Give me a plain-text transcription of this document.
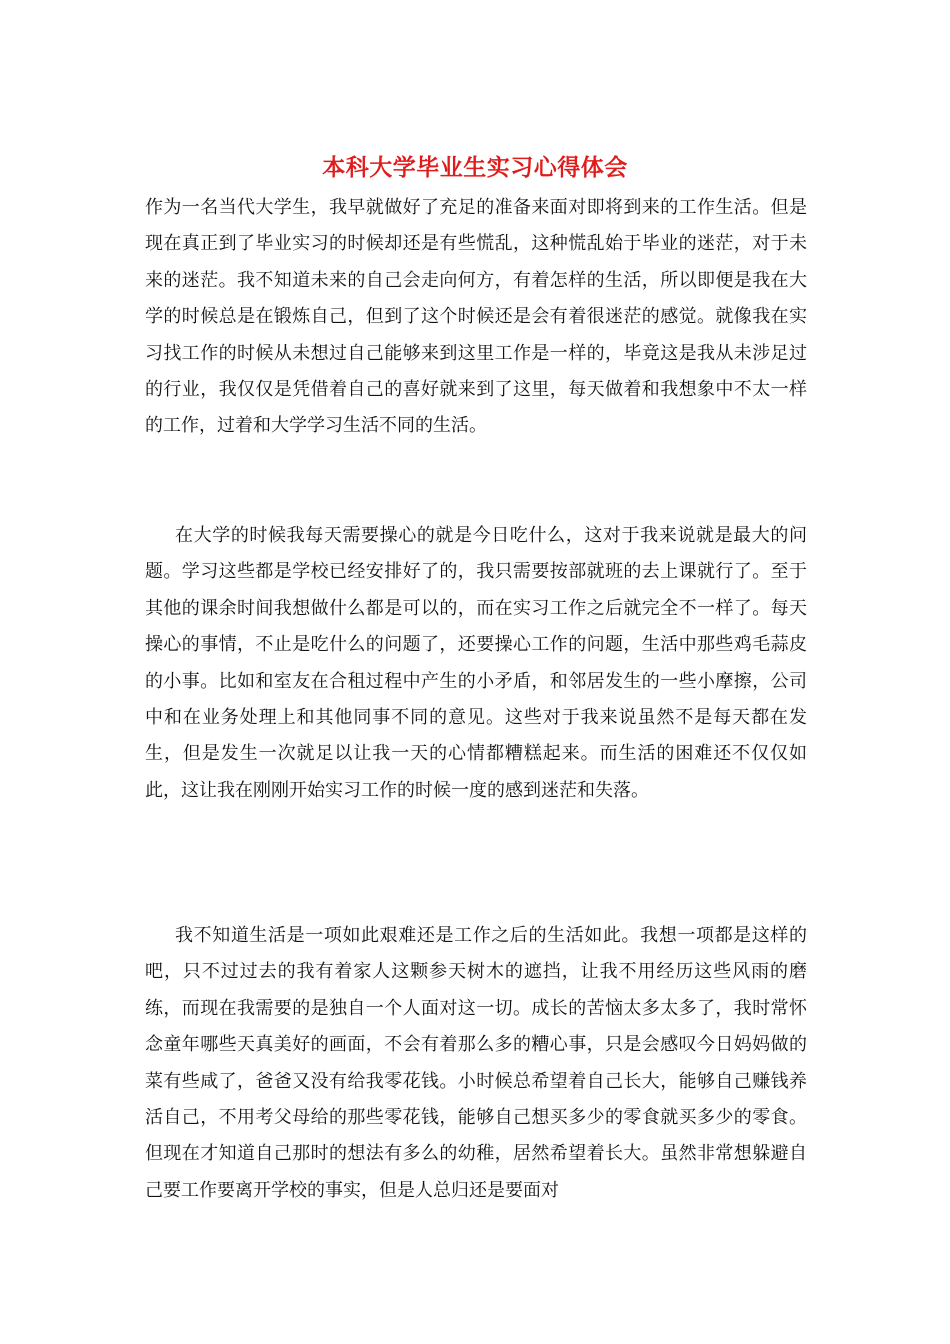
本科大学毕业生实习心得体会

作为一名当代大学生，我早就做好了充足的准备来面对即将到来的工作生活。但是现在真正到了毕业实习的时候却还是有些慌乱，这种慌乱始于毕业的迷茫，对于未来的迷茫。我不知道未来的自己会走向何方，有着怎样的生活，所以即便是我在大学的时候总是在锻炼自己，但到了这个时候还是会有着很迷茫的感觉。就像我在实习找工作的时候从未想过自己能够来到这里工作是一样的，毕竟这是我从未涉足过的行业，我仅仅是凭借着自己的喜好就来到了这里，每天做着和我想象中不太一样的工作，过着和大学学习生活不同的生活。

在大学的时候我每天需要操心的就是今日吃什么，这对于我来说就是最大的问题。学习这些都是学校已经安排好了的，我只需要按部就班的去上课就行了。至于其他的课余时间我想做什么都是可以的，而在实习工作之后就完全不一样了。每天操心的事情，不止是吃什么的问题了，还要操心工作的问题，生活中那些鸡毛蒜皮的小事。比如和室友在合租过程中产生的小矛盾，和邻居发生的一些小摩擦，公司中和在业务处理上和其他同事不同的意见。这些对于我来说虽然不是每天都在发生，但是发生一次就足以让我一天的心情都糟糕起来。而生活的困难还不仅仅如此，这让我在刚刚开始实习工作的时候一度的感到迷茫和失落。

我不知道生活是一项如此艰难还是工作之后的生活如此。我想一项都是这样的吧，只不过过去的我有着家人这颗参天树木的遮挡，让我不用经历这些风雨的磨练，而现在我需要的是独自一个人面对这一切。成长的苦恼太多太多了，我时常怀念童年哪些天真美好的画面，不会有着那么多的糟心事，只是会感叹今日妈妈做的菜有些咸了，爸爸又没有给我零花钱。小时候总希望着自己长大，能够自己赚钱养活自己，不用考父母给的那些零花钱，能够自己想买多少的零食就买多少的零食。但现在才知道自己那时的想法有多么的幼稚，居然希望着长大。虽然非常想躲避自己要工作要离开学校的事实，但是人总归还是要面对
